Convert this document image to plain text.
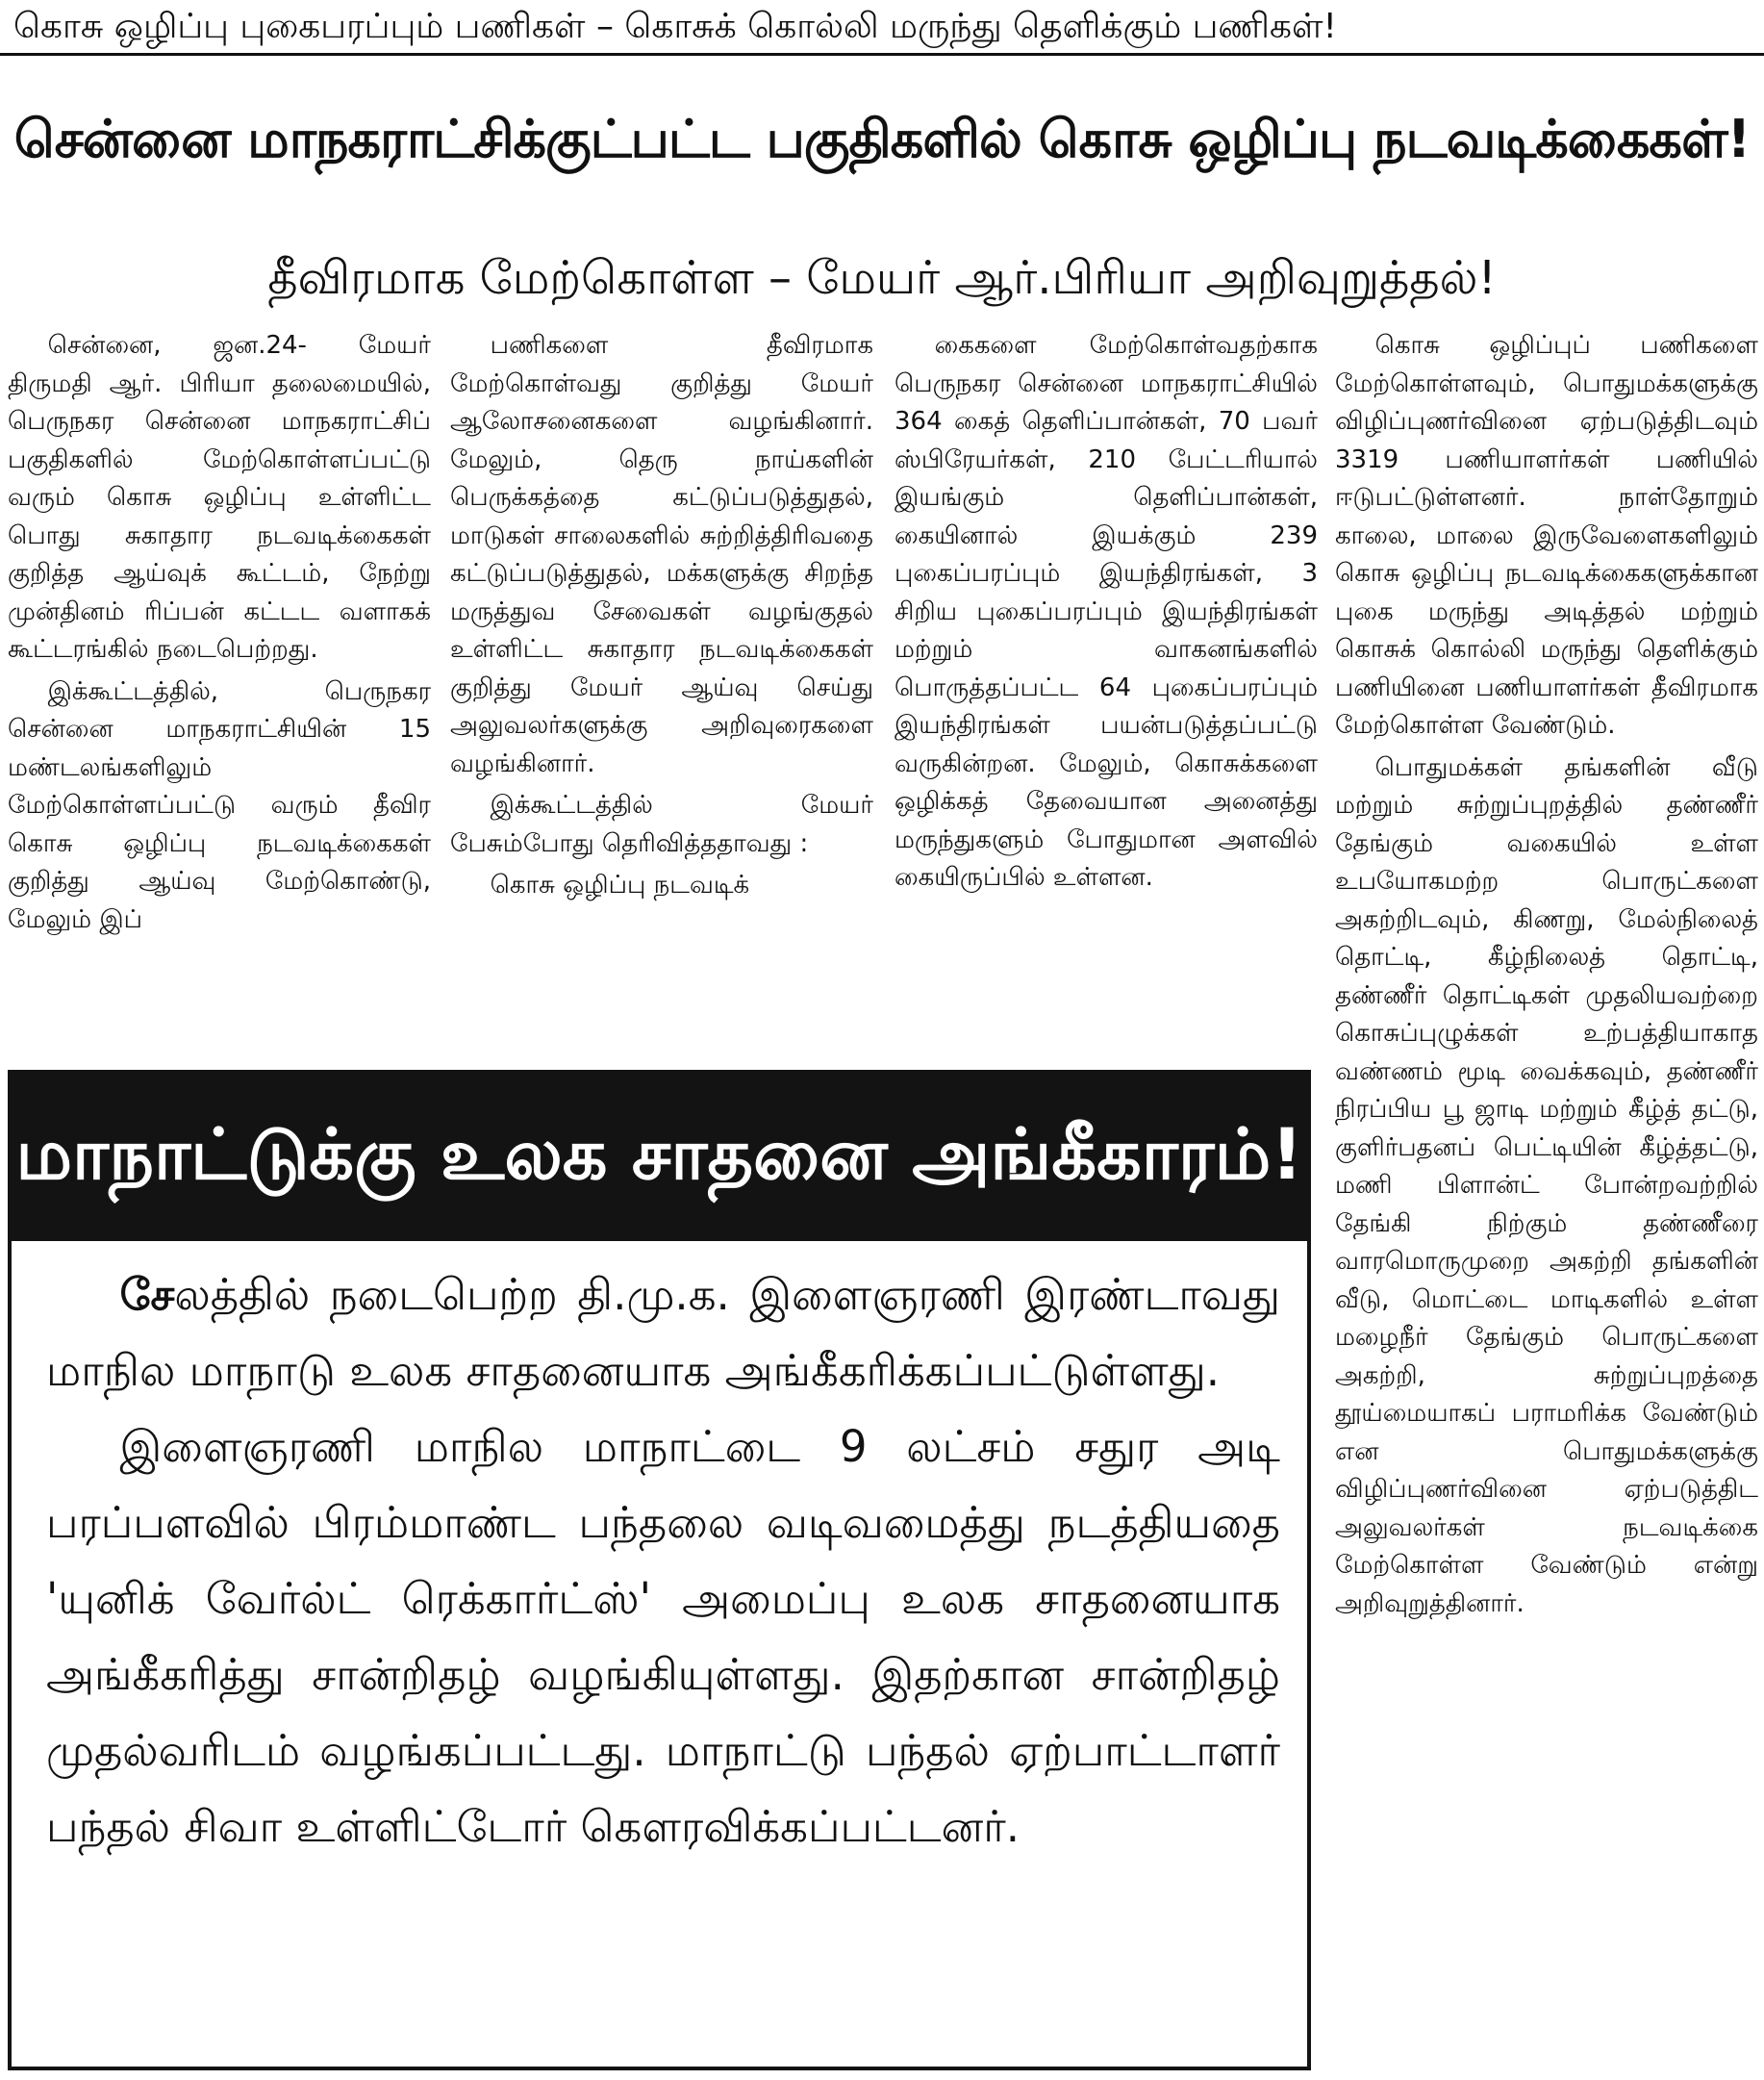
கொசு ஒழிப்பு புகைபரப்பும் பணிகள் – கொசுக் கொல்லி மருந்து தெளிக்கும் பணிகள்!
சென்னை மாநகராட்சிக்குட்பட்ட பகுதிகளில் கொசு ஒழிப்பு நடவடிக்கைகள்!
தீவிரமாக மேற்கொள்ள – மேயர் ஆர்.பிரியா அறிவுறுத்தல்!

சென்னை, ஜன.24- மேயர் திருமதி ஆர். பிரியா தலைமையில், பெருநகர சென்னை மாநகராட்சிப் பகுதிகளில் மேற்கொள்ளப்பட்டு வரும் கொசு ஒழிப்பு உள்ளிட்ட பொது சுகாதார நடவடிக்கைகள் குறித்த ஆய்வுக் கூட்டம், நேற்று முன்தினம் ரிப்பன் கட்டட வளாகக் கூட்டரங்கில் நடைபெற்றது.

இக்கூட்டத்தில், பெருநகர சென்னை மாநகராட்சியின் 15 மண்டலங்களிலும் மேற்கொள்ளப்பட்டு வரும் தீவிர கொசு ஒழிப்பு நடவடிக்கைகள் குறித்து ஆய்வு மேற்கொண்டு, மேலும் இப்

பணிகளை தீவிரமாக மேற்கொள்வது குறித்து மேயர் ஆலோசனைகளை வழங்கினார். மேலும், தெரு நாய்களின் பெருக்கத்தை கட்டுப்படுத்துதல், மாடுகள் சாலைகளில் சுற்றித்திரிவதை கட்டுப்படுத்துதல், மக்களுக்கு சிறந்த மருத்துவ சேவைகள் வழங்குதல் உள்ளிட்ட சுகாதார நடவடிக்கைகள் குறித்து மேயர் ஆய்வு செய்து அலுவலர்களுக்கு அறிவுரைகளை வழங்கினார்.

இக்கூட்டத்தில் மேயர் பேசும்போது தெரிவித்ததாவது :

கொசு ஒழிப்பு நடவடிக்

கைகளை மேற்கொள்வதற்காக பெருநகர சென்னை மாநகராட்சியில் 364 கைத் தெளிப்பான்கள், 70 பவர் ஸ்பிரேயர்கள், 210 பேட்டரியால் இயங்கும் தெளிப்பான்கள், கையினால் இயக்கும் 239 புகைப்பரப்பும் இயந்திரங்கள், 3 சிறிய புகைப்பரப்பும் இயந்திரங்கள் மற்றும் வாகனங்களில் பொருத்தப்பட்ட 64 புகைப்பரப்பும் இயந்திரங்கள் பயன்படுத்தப்பட்டு வருகின்றன. மேலும், கொசுக்களை ஒழிக்கத் தேவையான அனைத்து மருந்துகளும் போதுமான அளவில் கையிருப்பில் உள்ளன.

கொசு ஒழிப்புப் பணிகளை மேற்கொள்ளவும், பொதுமக்களுக்கு விழிப்புணர்வினை ஏற்படுத்திடவும் 3319 பணியாளர்கள் பணியில் ஈடுபட்டுள்ளனர். நாள்தோறும் காலை, மாலை இருவேளைகளிலும் கொசு ஒழிப்பு நடவடிக்கைகளுக்கான புகை மருந்து அடித்தல் மற்றும் கொசுக் கொல்லி மருந்து தெளிக்கும் பணியினை பணியாளர்கள் தீவிரமாக மேற்கொள்ள வேண்டும்.

பொதுமக்கள் தங்களின் வீடு மற்றும் சுற்றுப்புறத்தில் தண்ணீர் தேங்கும் வகையில் உள்ள உபயோகமற்ற பொருட்களை அகற்றிடவும், கிணறு, மேல்நிலைத் தொட்டி, கீழ்நிலைத் தொட்டி, தண்ணீர் தொட்டிகள் முதலியவற்றை கொசுப்புழுக்கள் உற்பத்தியாகாத வண்ணம் மூடி வைக்கவும், தண்ணீர் நிரப்பிய பூ ஜாடி மற்றும் கீழ்த் தட்டு, குளிர்பதனப் பெட்டியின் கீழ்த்தட்டு, மணி பிளான்ட் போன்றவற்றில் தேங்கி நிற்கும் தண்ணீரை வாரமொருமுறை அகற்றி தங்களின் வீடு, மொட்டை மாடிகளில் உள்ள மழைநீர் தேங்கும் பொருட்களை அகற்றி, சுற்றுப்புறத்தை தூய்மையாகப் பராமரிக்க வேண்டும் என பொதுமக்களுக்கு விழிப்புணர்வினை ஏற்படுத்திட அலுவலர்கள் நடவடிக்கை மேற்கொள்ள வேண்டும் என்று அறிவுறுத்தினார்.

மாநாட்டுக்கு உலக சாதனை அங்கீகாரம்!

சேலத்தில் நடைபெற்ற தி.மு.க. இளைஞரணி இரண்டாவது மாநில மாநாடு உலக சாதனையாக அங்கீகரிக்கப்பட்டுள்ளது.

இளைஞரணி மாநில மாநாட்டை 9 லட்சம் சதுர அடி பரப்பளவில் பிரம்மாண்ட பந்தலை வடிவமைத்து நடத்தியதை 'யுனிக் வேர்ல்ட் ரெக்கார்ட்ஸ்' அமைப்பு உலக சாதனையாக அங்கீகரித்து சான்றிதழ் வழங்கியுள்ளது. இதற்கான சான்றிதழ் முதல்வரிடம் வழங்கப்பட்டது. மாநாட்டு பந்தல் ஏற்பாட்டாளர் பந்தல் சிவா உள்ளிட்டோர் கௌரவிக்கப்பட்டனர்.
